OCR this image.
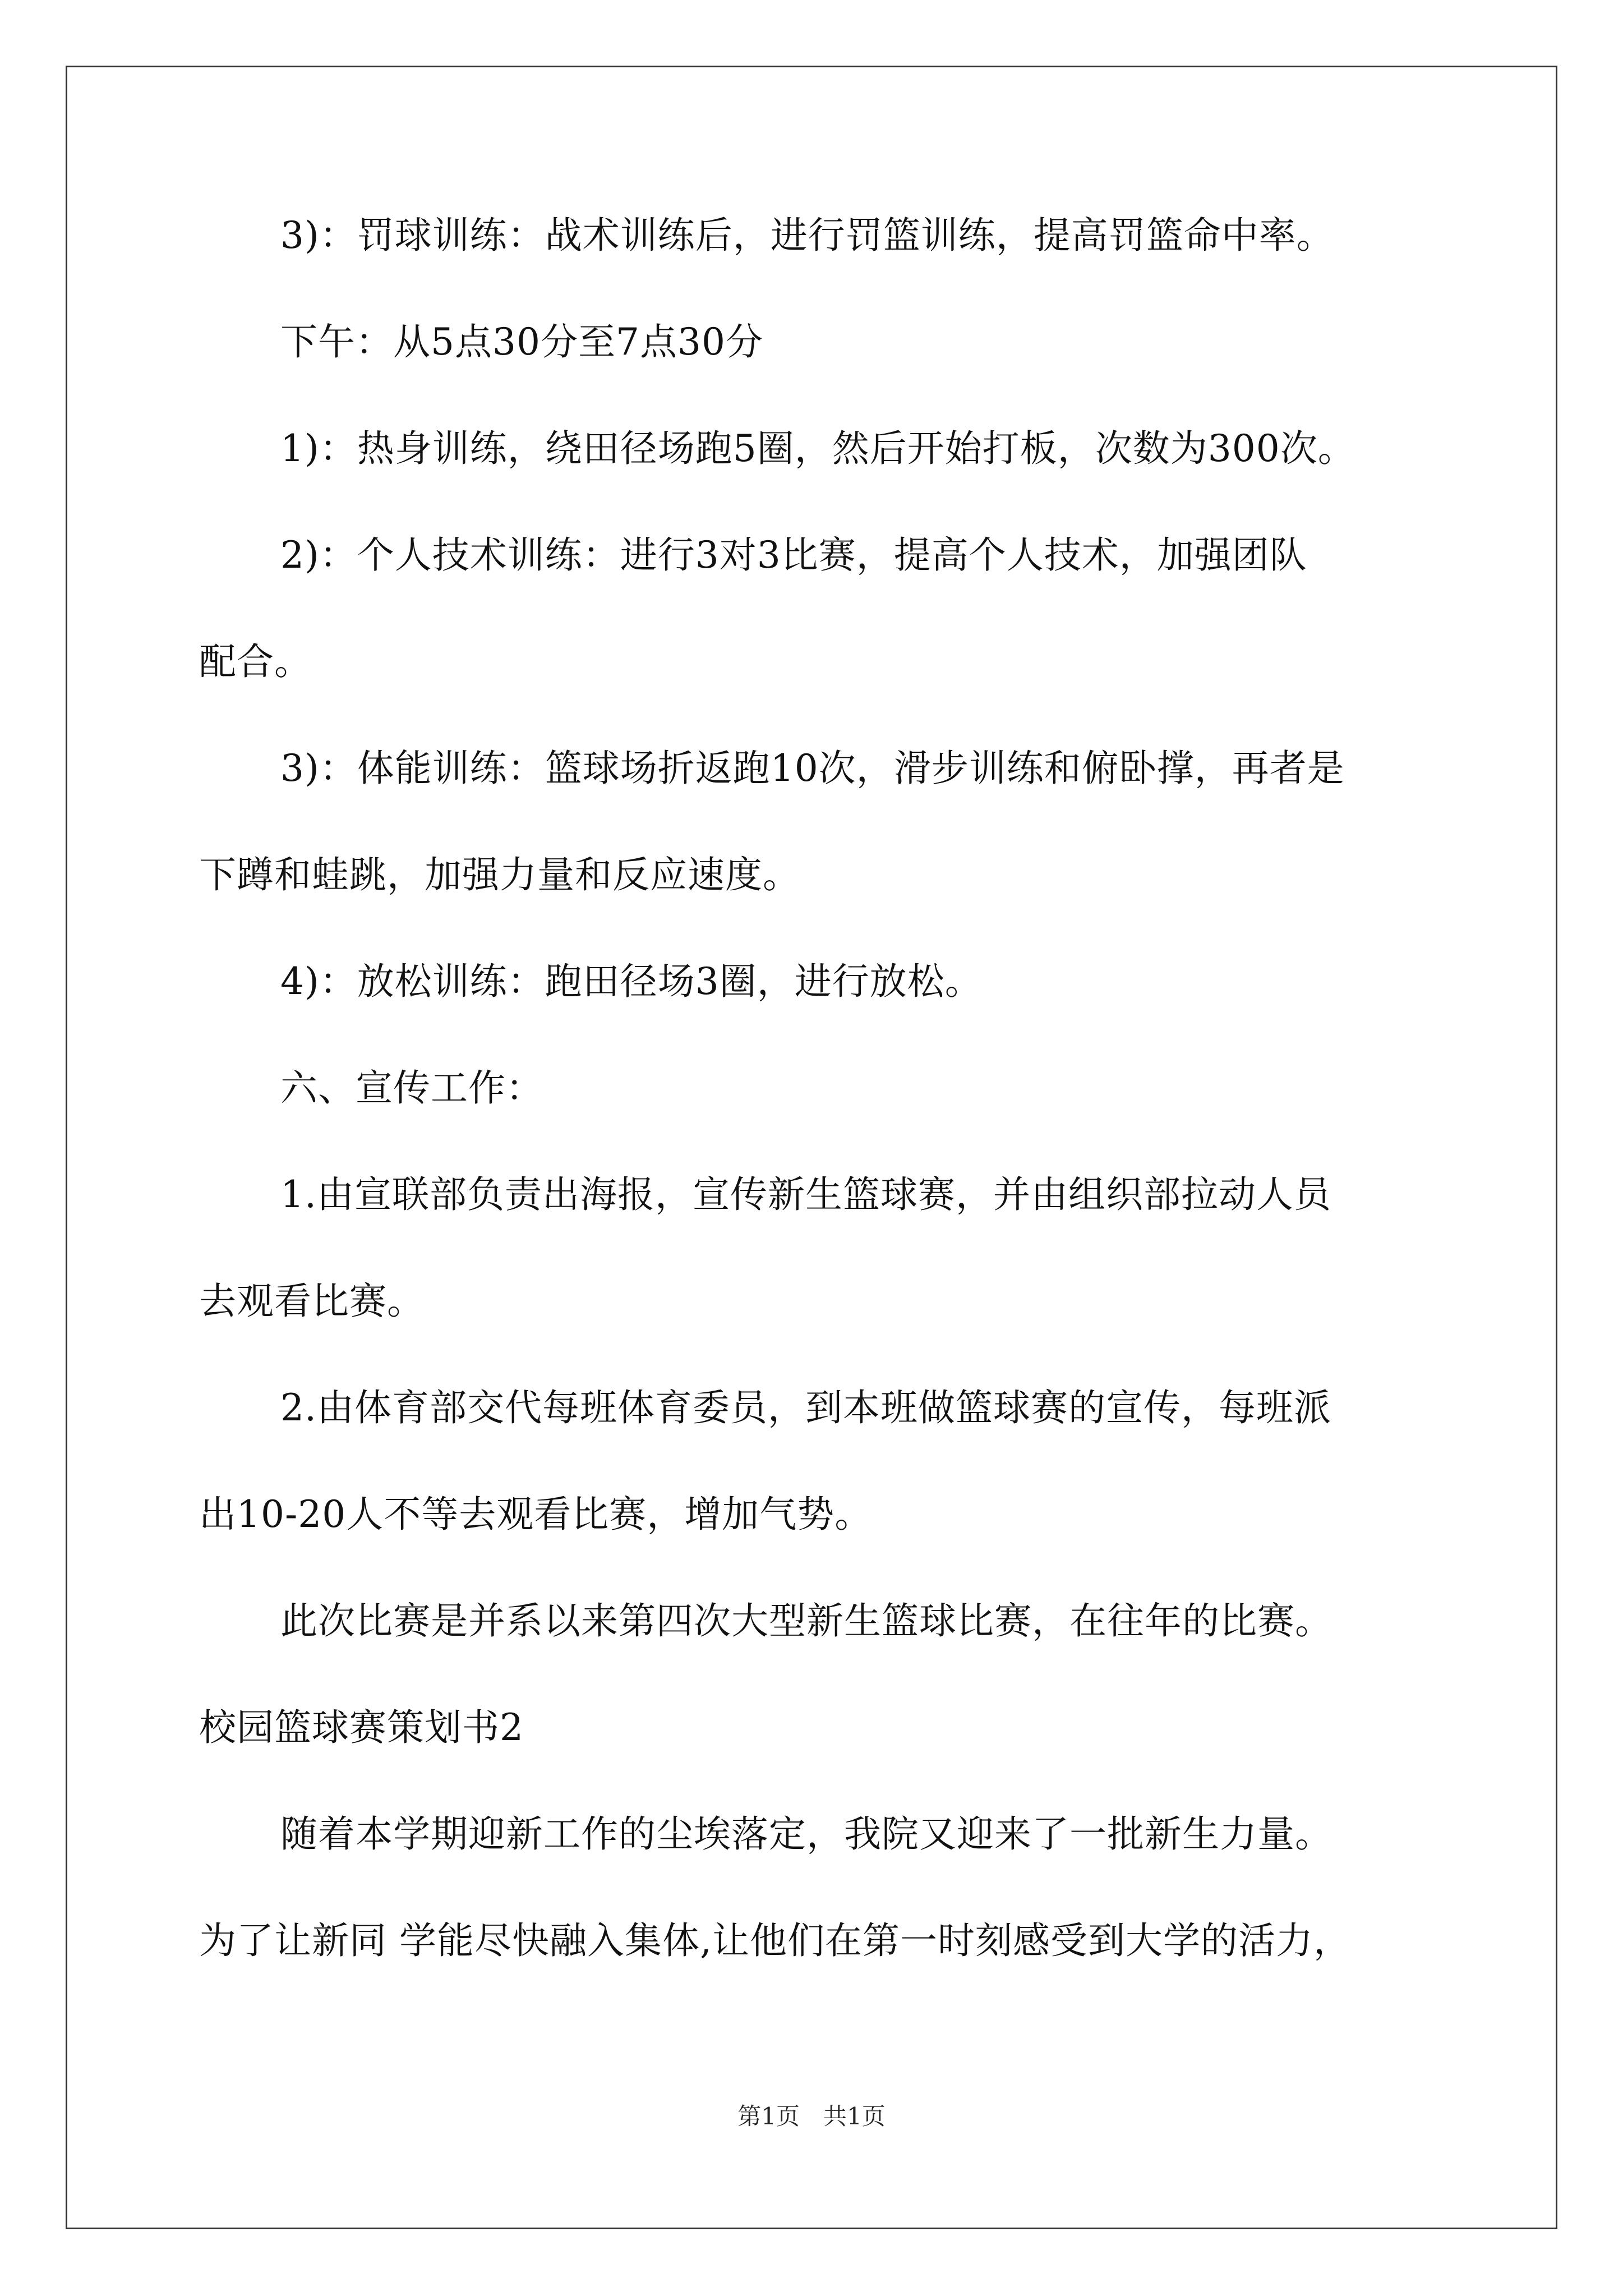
3)：罚球训练：战术训练后，进行罚篮训练，提高罚篮命中率。
下午：从5点30分至7点30分
1)：热身训练，绕田径场跑5圈，然后开始打板，次数为300次。
2)：个人技术训练：进行3对3比赛，提高个人技术，加强团队
配合。
3)：体能训练：篮球场折返跑10次，滑步训练和俯卧撑，再者是
下蹲和蛙跳，加强力量和反应速度。
4)：放松训练：跑田径场3圈，进行放松。
六、宣传工作：
1.由宣联部负责出海报，宣传新生篮球赛，并由组织部拉动人员
去观看比赛。
2.由体育部交代每班体育委员，到本班做篮球赛的宣传，每班派
出10-20人不等去观看比赛，增加气势。
此次比赛是并系以来第四次大型新生篮球比赛，在往年的比赛。
校园篮球赛策划书2
随着本学期迎新工作的尘埃落定，我院又迎来了一批新生力量。
为了让新同 学能尽快融入集体,让他们在第一时刻感受到大学的活力，
第1页　共1页
